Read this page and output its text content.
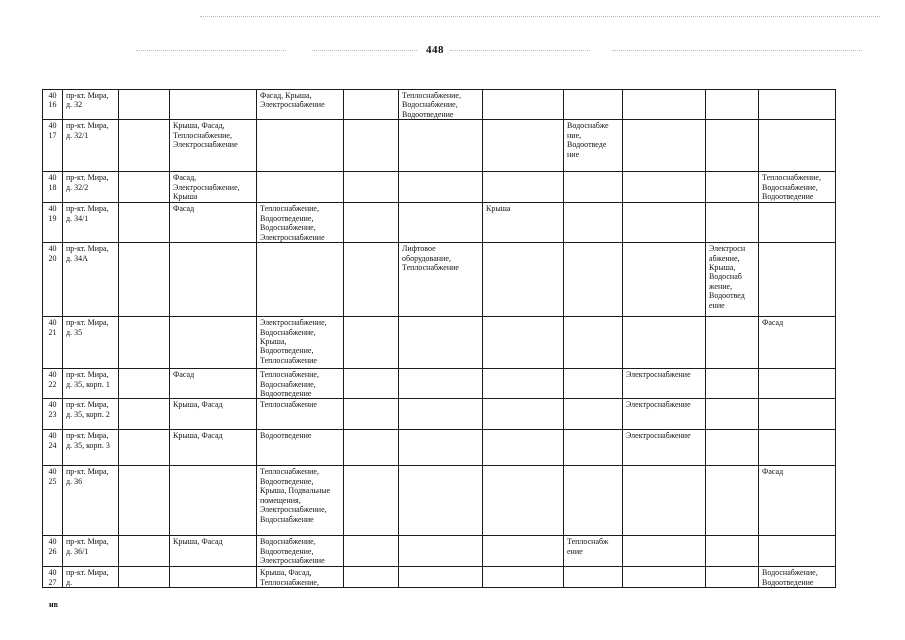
448
40
16	пр-кт. Мира, д. 32			Фасад, Крыша, Электроснабжение		Теплоснабжение, Водоснабжение, Водоотведение					

40
17	пр-кт. Мира, д. 32/1		Крыша, Фасад, Теплоснабжение, Электроснабжение					Водоснабже ние, Водоотведе ние			

40
18	пр-кт. Мира, д. 32/2		Фасад, Электроснабжение, Крыша								Теплоснабжение, Водоснабжение, Водоотведение

40
19	пр-кт. Мира, д. 34/1		Фасад	Теплоснабжение, Водоотведение, Водоснабжение, Электроснабжение			Крыша				

40
20	пр-кт. Мира, д. 34А					Лифтовое оборудование, Теплоснабжение				Электросн абжение, Крыша, Водоснаб жение, Водоотвед ение	

40
21	пр-кт. Мира, д. 35			Электроснабжение, Водоснабжение, Крыша, Водоотведение, Теплоснабжение							Фасад

40
22	пр-кт. Мира, д. 35, корп. 1		Фасад	Теплоснабжение, Водоснабжение, Водоотведение					Электроснабжение		

40
23	пр-кт. Мира, д. 35, корп. 2		Крыша, Фасад	Теплоснабжение					Электроснабжение		

40
24	пр-кт. Мира, д. 35, корп. 3		Крыша, Фасад	Водоотведение					Электроснабжение		

40
25	пр-кт. Мира, д. 36			Теплоснабжение, Водоотведение, Крыша, Подвальные помещения, Электроснабжение, Водоснабжение							Фасад

40
26	пр-кт. Мира, д. 36/1		Крыша, Фасад	Водоснабжение, Водоотведение, Электроснабжение				Теплоснабж ение			

40
27	пр-кт. Мира, д.			Крыша, Фасад, Теплоснабжение,							Водоснабжение, Водоотведение
нв
